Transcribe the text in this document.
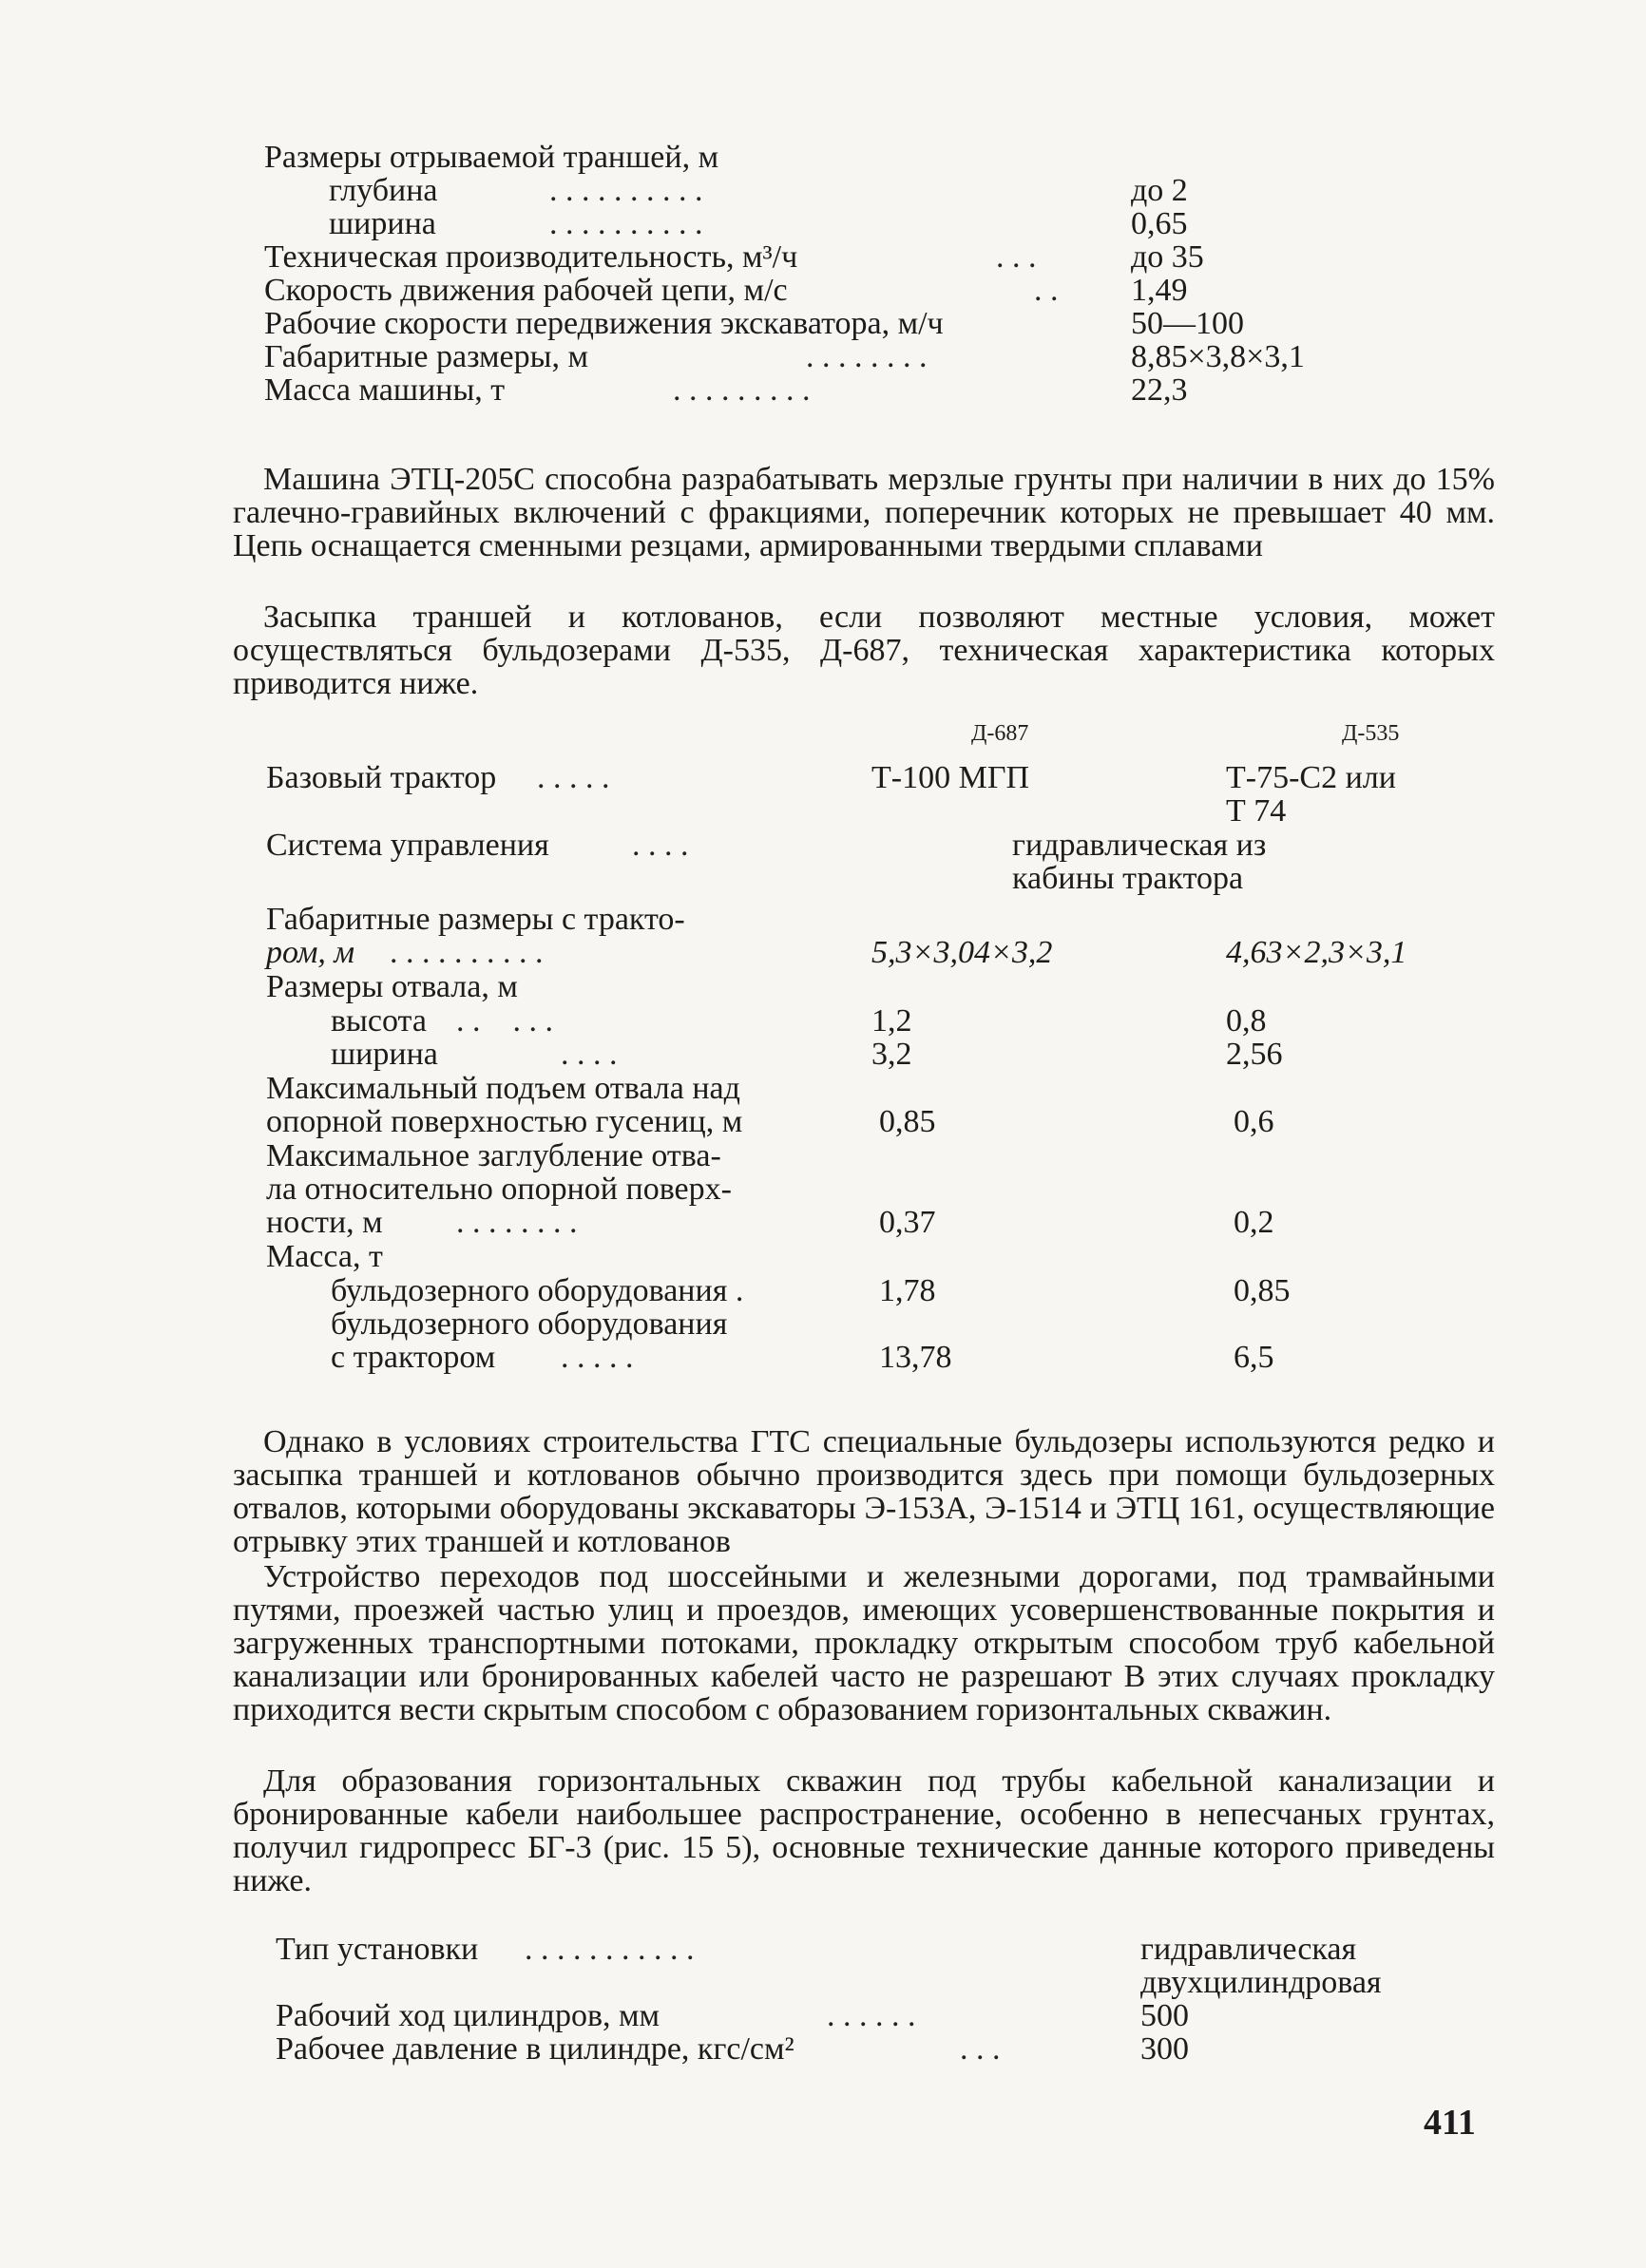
Размеры отрываемой траншей, м
глубина	. . . . . . . . . .	до 2
ширина	. . . . . . . . . .	0,65
Техническая производительность, м³/ч	. . .	до 35
Скорость движения рабочей цепи, м/с	. . 1,49
Рабочие скорости передвижения экскаватора, м/ч	50—100
Габаритные размеры, м	. . . . . . . .	8,85×3,8×3,1
Масса машины, т	. . . . . . . . .	22,3
Машина ЭТЦ-205С способна разрабатывать мерзлые грунты при наличии в них до 15% галечно-гравийных включений с фракциями, поперечник которых не превышает 40 мм. Цепь оснащается сменными резцами, армированными твердыми сплавами
Засыпка траншей и котлованов, если позволяют местные условия, может осуществляться бульдозерами Д-535, Д-687, техническая характеристика которых приводится ниже.
Д-687	Д-535
Базовый трактор . . . . .	Т-100 МГП	Т-75-С2 или
Т 74
Система управления	. . . .	гидравлическая из
кабины трактора
Габаритные размеры с тракто-
ром, м . . . . . . . . . .	5,3×3,04×3,2	4,63×2,3×3,1
Размеры отвала, м
высота . .    . . .	1,2	0,8
ширина	. . . .	3,2	2,56
Максимальный подъем отвала над
опорной поверхностью гусениц, м	0,85	0,6
Максимальное заглубление отва-
ла относительно опорной поверх-
ности, м . . . . . . . .	0,37	0,2
Масса, т
бульдозерного оборудования .	1,78	0,85
бульдозерного оборудования
с трактором . . . . .	13,78	6,5
Однако в условиях строительства ГТС специальные бульдозеры используются редко и засыпка траншей и котлованов обычно производится здесь при помощи бульдозерных отвалов, которыми оборудованы экскаваторы Э-153А, Э-1514 и ЭТЦ 161, осуществляющие отрывку этих траншей и котлованов
Устройство переходов под шоссейными и железными дорогами, под трамвайными путями, проезжей частью улиц и проездов, имеющих усовершенствованные покрытия и загруженных транспортными потоками, прокладку открытым способом труб кабельной канализации или бронированных кабелей часто не разрешают В этих случаях прокладку приходится вести скрытым способом с образованием горизонтальных скважин.
Для образования горизонтальных скважин под трубы кабельной канализации и бронированные кабели наибольшее распространение, особенно в непесчаных грунтах, получил гидропресс БГ-3 (рис. 15 5), основные технические данные которого приведены ниже.
Тип установки . . . . . . . . . . .	гидравлическая
двухцилиндровая
Рабочий ход цилиндров, мм	. . . . . .	500
Рабочее давление в цилиндре, кгс/см²	. . .	300
411
